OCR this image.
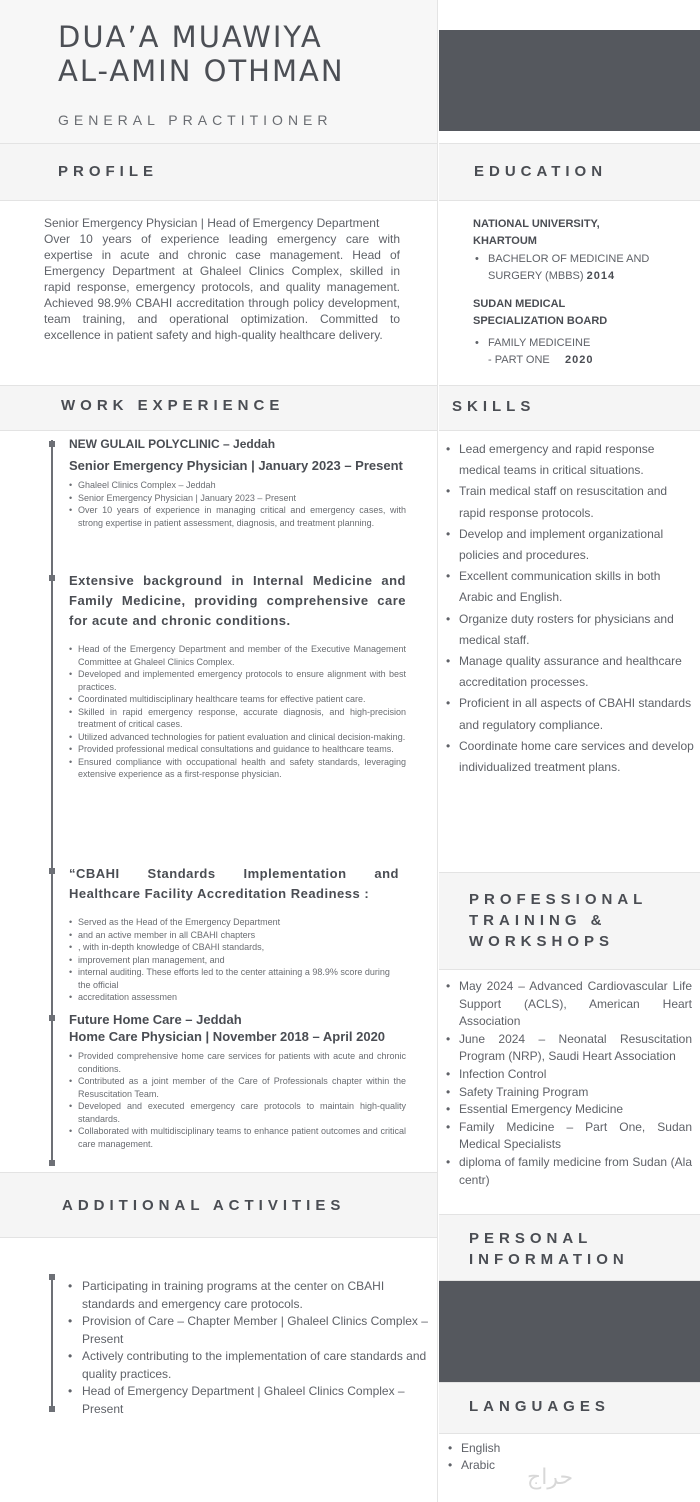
DUA’A MUAWIYA
AL-AMIN OTHMAN
GENERAL PRACTITIONER
PROFILE

Senior Emergency Physician | Head of Emergency Department

Over 10 years of experience leading emergency care with expertise in acute and chronic case management. Head of Emergency Department at Ghaleel Clinics Complex, skilled in rapid response, emergency protocols, and quality management. Achieved 98.9% CBAHI accreditation through policy development, team training, and operational optimization. Committed to excellence in patient safety and high-quality healthcare delivery.

WORK EXPERIENCE
NEW GULAIL POLYCLINIC – Jeddah
Senior Emergency Physician | January 2023 – Present
• Ghaleel Clinics Complex – Jeddah
• Senior Emergency Physician | January 2023 – Present
• Over 10 years of experience in managing critical and emergency cases, with strong expertise in patient assessment, diagnosis, and treatment planning.
Extensive background in Internal Medicine and Family Medicine, providing comprehensive care for acute and chronic conditions.
• Head of the Emergency Department and member of the Executive Management Committee at Ghaleel Clinics Complex.
• Developed and implemented emergency protocols to ensure alignment with best practices.
• Coordinated multidisciplinary healthcare teams for effective patient care.
• Skilled in rapid emergency response, accurate diagnosis, and high-precision treatment of critical cases.
• Utilized advanced technologies for patient evaluation and clinical decision-making.
• Provided professional medical consultations and guidance to healthcare teams.
• Ensured compliance with occupational health and safety standards, leveraging extensive experience as a first-response physician.
“CBAHI Standards Implementation and Healthcare Facility Accreditation Readiness :
• Served as the Head of the Emergency Department
• and an active member in all CBAHI chapters
• , with in-depth knowledge of CBAHI standards,
• improvement plan management, and
• internal auditing. These efforts led to the center attaining a 98.9% score during the official
• accreditation assessmen
Future Home Care – Jeddah
Home Care Physician | November 2018 – April 2020
• Provided comprehensive home care services for patients with acute and chronic conditions.
• Contributed as a joint member of the Care of Professionals chapter within the Resuscitation Team.
• Developed and executed emergency care protocols to maintain high-quality standards.
• Collaborated with multidisciplinary teams to enhance patient outcomes and critical care management.
ADDITIONAL ACTIVITIES
• Participating in training programs at the center on CBAHI standards and emergency care protocols.
• Provision of Care – Chapter Member | Ghaleel Clinics Complex – Present
• Actively contributing to the implementation of care standards and quality practices.
• Head of Emergency Department | Ghaleel Clinics Complex – Present
EDUCATION
NATIONAL UNIVERSITY,
KHARTOUM
• BACHELOR OF MEDICINE AND
SURGERY (MBBS) 2014
SUDAN MEDICAL
SPECIALIZATION BOARD
• FAMILY MEDICEINE
- PART ONE 2020
SKILLS
• Lead emergency and rapid response medical teams in critical situations.
• Train medical staff on resuscitation and rapid response protocols.
• Develop and implement organizational policies and procedures.
• Excellent communication skills in both Arabic and English.
• Organize duty rosters for physicians and medical staff.
• Manage quality assurance and healthcare accreditation processes.
• Proficient in all aspects of CBAHI standards and regulatory compliance.
• Coordinate home care services and develop individualized treatment plans.
PROFESSIONAL TRAINING & WORKSHOPS
• May 2024 – Advanced Cardiovascular Life Support (ACLS), American Heart Association
• June 2024 – Neonatal Resuscitation Program (NRP), Saudi Heart Association
• Infection Control
• Safety Training Program
• Essential Emergency Medicine
• Family Medicine – Part One, Sudan Medical Specialists
• diploma of family medicine from Sudan (Ala centr)
PERSONAL
INFORMATION
LANGUAGES
• English
• Arabic حراج
